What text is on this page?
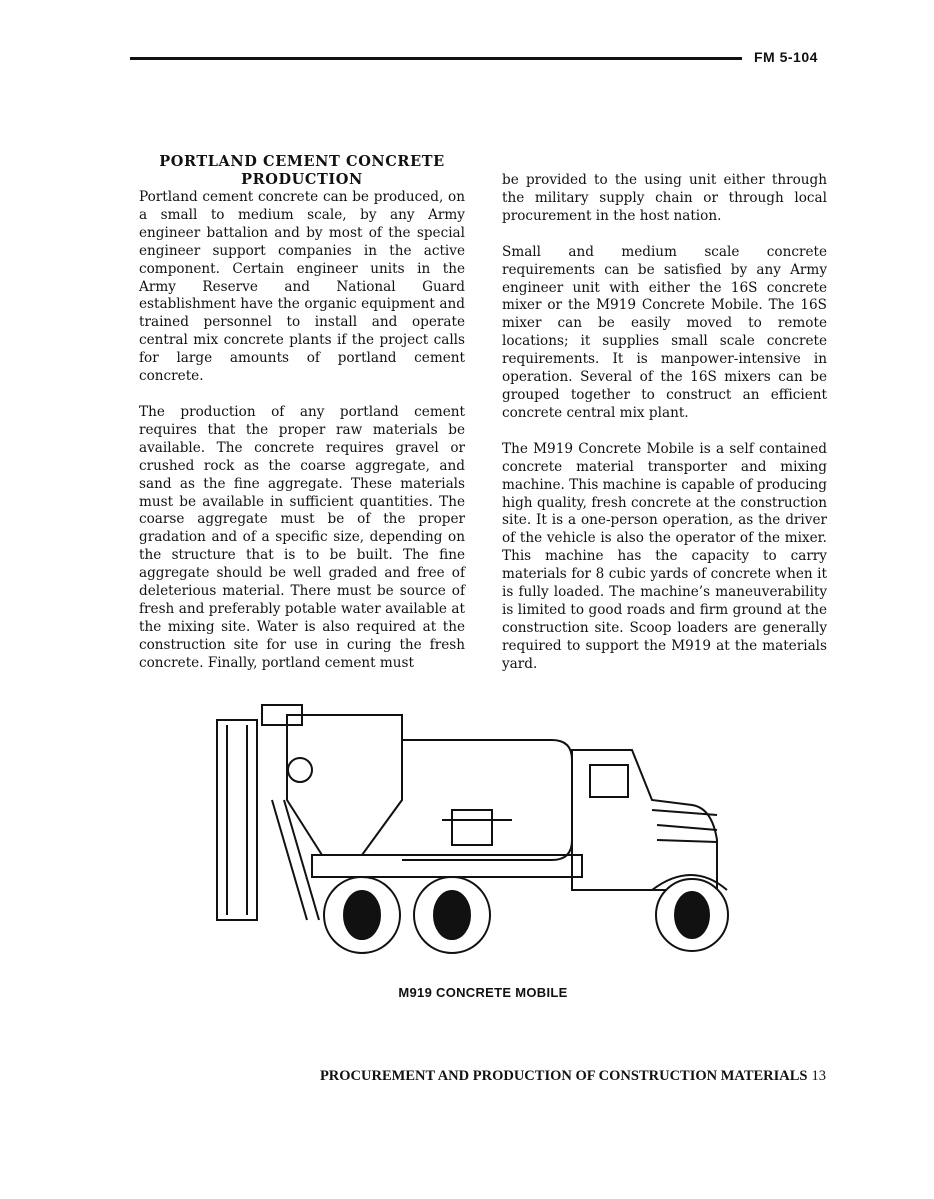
FM 5-104
PORTLAND CEMENT CONCRETE
PRODUCTION

Portland cement concrete can be produced, on a small to medium scale, by any Army engineer battalion and by most of the special engineer support companies in the active component. Certain engineer units in the Army Reserve and National Guard establishment have the organic equipment and trained personnel to install and operate central mix concrete plants if the project calls for large amounts of portland cement concrete.

The production of any portland cement requires that the proper raw materials be available. The concrete requires gravel or crushed rock as the coarse aggregate, and sand as the fine aggregate. These materials must be available in sufficient quantities. The coarse aggregate must be of the proper gradation and of a specific size, depending on the structure that is to be built. The fine aggregate should be well graded and free of deleterious material. There must be source of fresh and preferably potable water available at the mixing site. Water is also required at the construction site for use in curing the fresh concrete. Finally, portland cement must

be provided to the using unit either through the military supply chain or through local procurement in the host nation.

Small and medium scale concrete requirements can be satisfied by any Army engineer unit with either the 16S concrete mixer or the M919 Concrete Mobile. The 16S mixer can be easily moved to remote locations; it supplies small scale concrete requirements. It is manpower-intensive in operation. Several of the 16S mixers can be grouped together to construct an efficient concrete central mix plant.

The M919 Concrete Mobile is a self contained concrete material transporter and mixing machine. This machine is capable of producing high quality, fresh concrete at the construction site. It is a one-person operation, as the driver of the vehicle is also the operator of the mixer. This machine has the capacity to carry materials for 8 cubic yards of concrete when it is fully loaded. The machine’s maneuverability is limited to good roads and firm ground at the construction site. Scoop loaders are generally required to support the M919 at the materials yard.

M919 CONCRETE MOBILE
PROCUREMENT AND PRODUCTION OF CONSTRUCTION MATERIALS 13
